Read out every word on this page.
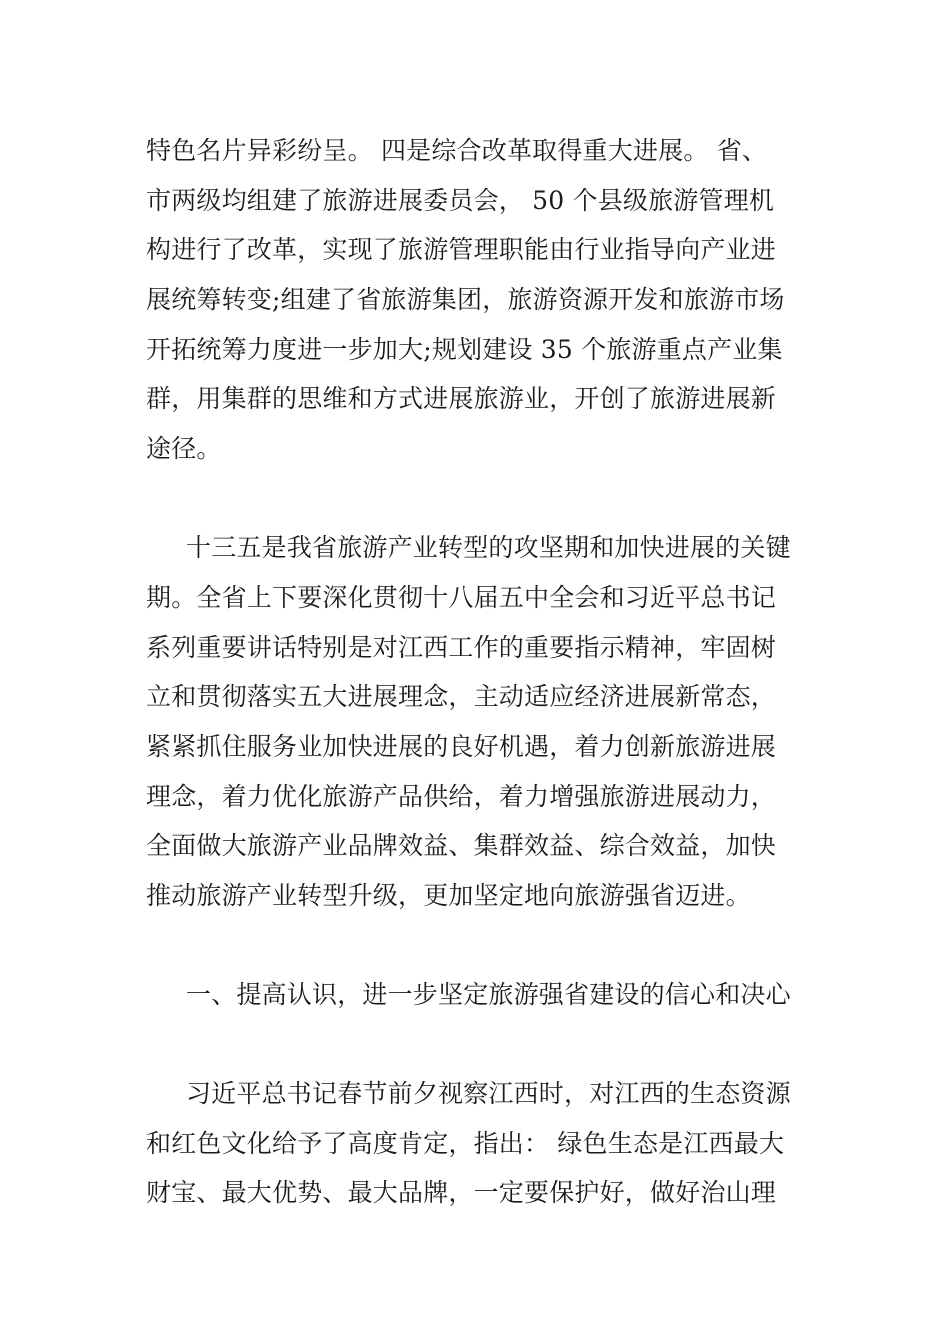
特色名片异彩纷呈。 四是综合改革取得重大进展。 省、
市两级均组建了旅游进展委员会， 50 个县级旅游管理机
构进行了改革，实现了旅游管理职能由行业指导向产业进
展统筹转变;组建了省旅游集团，旅游资源开发和旅游市场
开拓统筹力度进一步加大;规划建设 35 个旅游重点产业集
群，用集群的思维和方式进展旅游业，开创了旅游进展新
途径。
十三五是我省旅游产业转型的攻坚期和加快进展的关键
期。全省上下要深化贯彻十八届五中全会和习近平总书记
系列重要讲话特别是对江西工作的重要指示精神，牢固树
立和贯彻落实五大进展理念，主动适应经济进展新常态，
紧紧抓住服务业加快进展的良好机遇，着力创新旅游进展
理念，着力优化旅游产品供给，着力增强旅游进展动力，
全面做大旅游产业品牌效益、集群效益、综合效益，加快
推动旅游产业转型升级，更加坚定地向旅游强省迈进。
一、提高认识，进一步坚定旅游强省建设的信心和决心
习近平总书记春节前夕视察江西时，对江西的生态资源
和红色文化给予了高度肯定，指出： 绿色生态是江西最大
财宝、最大优势、最大品牌，一定要保护好，做好治山理
